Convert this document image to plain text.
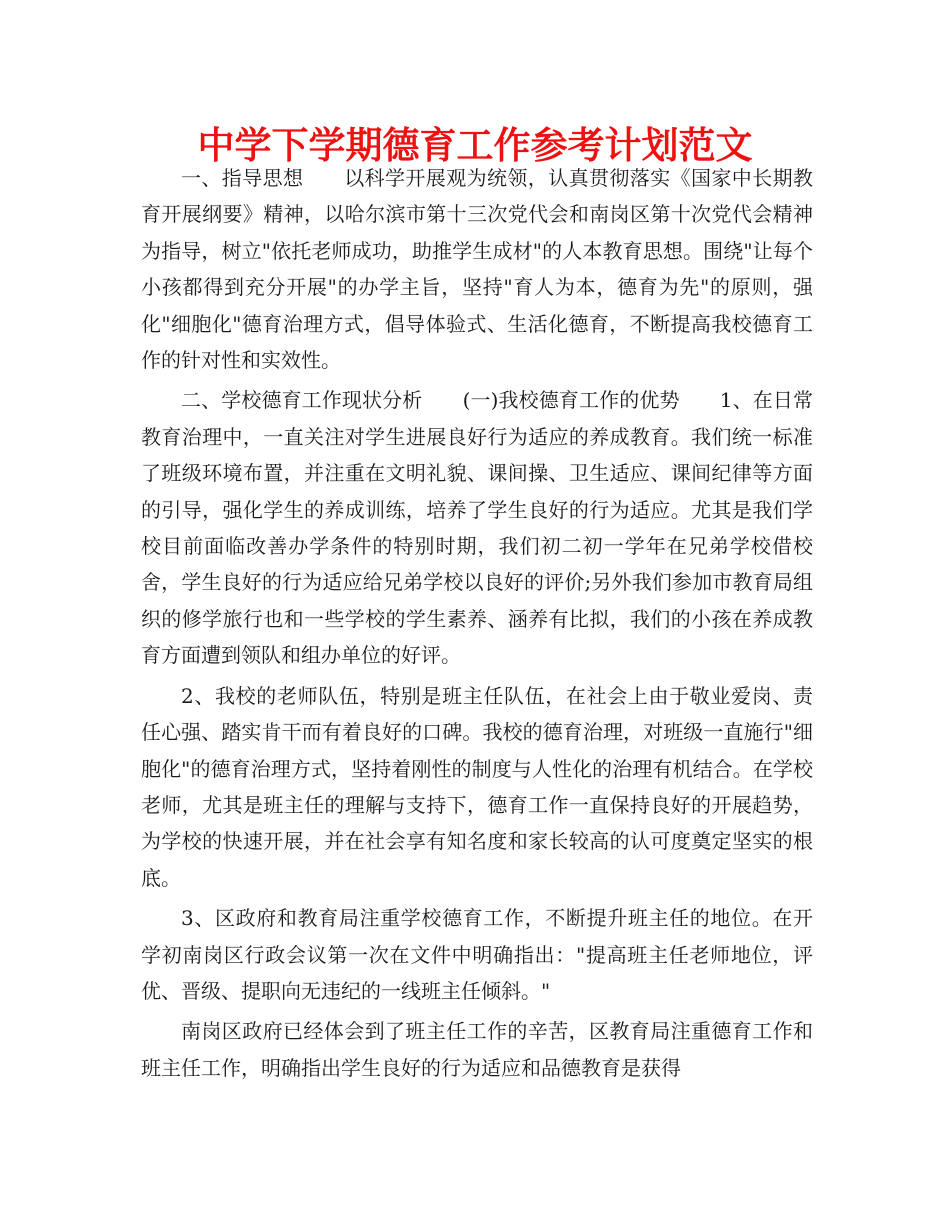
中学下学期德育工作参考计划范文

一、指导思想　　以科学开展观为统领，认真贯彻落实《国家中长期教育开展纲要》精神，以哈尔滨市第十三次党代会和南岗区第十次党代会精神为指导，树立"依托老师成功，助推学生成材"的人本教育思想。围绕"让每个小孩都得到充分开展"的办学主旨，坚持"育人为本，德育为先"的原则，强化"细胞化"德育治理方式，倡导体验式、生活化德育，不断提高我校德育工作的针对性和实效性。

二、学校德育工作现状分析　　(一)我校德育工作的优势　　1、在日常教育治理中，一直关注对学生进展良好行为适应的养成教育。我们统一标准了班级环境布置，并注重在文明礼貌、课间操、卫生适应、课间纪律等方面的引导，强化学生的养成训练，培养了学生良好的行为适应。尤其是我们学校目前面临改善办学条件的特别时期，我们初二初一学年在兄弟学校借校舍，学生良好的行为适应给兄弟学校以良好的评价;另外我们参加市教育局组织的修学旅行也和一些学校的学生素养、涵养有比拟，我们的小孩在养成教育方面遭到领队和组办单位的好评。

2、我校的老师队伍，特别是班主任队伍，在社会上由于敬业爱岗、责任心强、踏实肯干而有着良好的口碑。我校的德育治理，对班级一直施行"细胞化"的德育治理方式，坚持着刚性的制度与人性化的治理有机结合。在学校老师，尤其是班主任的理解与支持下，德育工作一直保持良好的开展趋势，为学校的快速开展，并在社会享有知名度和家长较高的认可度奠定坚实的根底。

3、区政府和教育局注重学校德育工作，不断提升班主任的地位。在开学初南岗区行政会议第一次在文件中明确指出："提高班主任老师地位，评优、晋级、提职向无违纪的一线班主任倾斜。"

南岗区政府已经体会到了班主任工作的辛苦，区教育局注重德育工作和班主任工作，明确指出学生良好的行为适应和品德教育是获得
